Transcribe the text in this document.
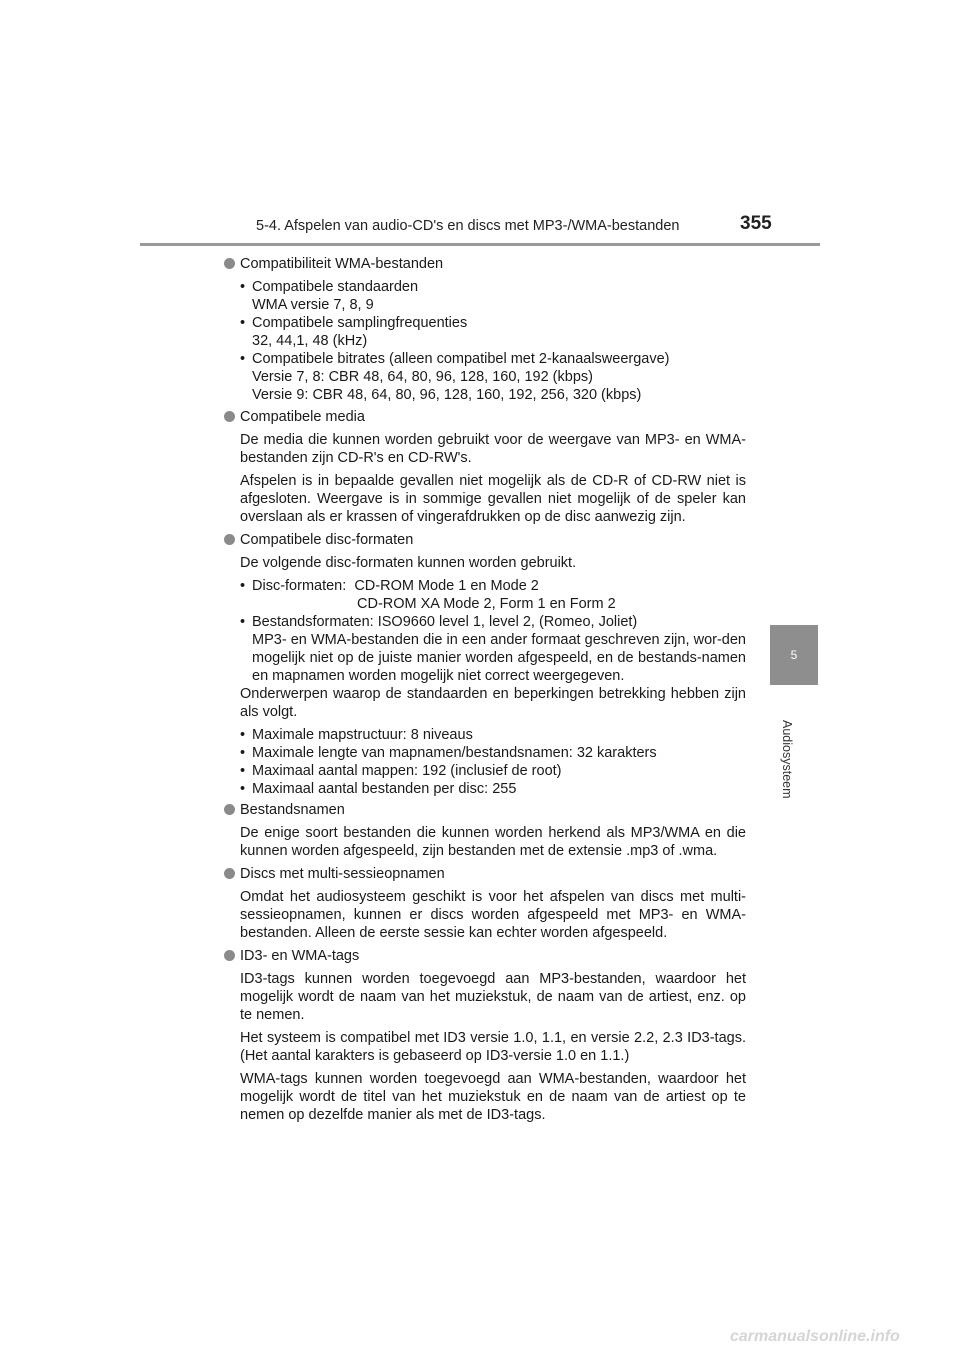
5-4. Afspelen van audio-CD's en discs met MP3-/WMA-bestanden	355
5
Audiosysteem
Compatibiliteit WMA-bestanden
• Compatibele standaarden
WMA versie 7, 8, 9
• Compatibele samplingfrequenties
32, 44,1, 48 (kHz)
• Compatibele bitrates (alleen compatibel met 2-kanaalsweergave)
Versie 7, 8: CBR 48, 64, 80, 96, 128, 160, 192 (kbps)
Versie 9: CBR 48, 64, 80, 96, 128, 160, 192, 256, 320 (kbps)
Compatibele media

De media die kunnen worden gebruikt voor de weergave van MP3- en WMA-bestanden zijn CD-R's en CD-RW's.

Afspelen is in bepaalde gevallen niet mogelijk als de CD-R of CD-RW niet is afgesloten. Weergave is in sommige gevallen niet mogelijk of de speler kan overslaan als er krassen of vingerafdrukken op de disc aanwezig zijn.

Compatibele disc-formaten

De volgende disc-formaten kunnen worden gebruikt.

• Disc-formaten:  CD-ROM Mode 1 en Mode 2
CD-ROM XA Mode 2, Form 1 en Form 2
• Bestandsformaten: ISO9660 level 1, level 2, (Romeo, Joliet)
MP3- en WMA-bestanden die in een ander formaat geschreven zijn, wor-den mogelijk niet op de juiste manier worden afgespeeld, en de bestands-namen en mapnamen worden mogelijk niet correct weergegeven.

Onderwerpen waarop de standaarden en beperkingen betrekking hebben zijn als volgt.

• Maximale mapstructuur: 8 niveaus
• Maximale lengte van mapnamen/bestandsnamen: 32 karakters
• Maximaal aantal mappen: 192 (inclusief de root)
• Maximaal aantal bestanden per disc: 255
Bestandsnamen

De enige soort bestanden die kunnen worden herkend als MP3/WMA en die kunnen worden afgespeeld, zijn bestanden met de extensie .mp3 of .wma.

Discs met multi-sessieopnamen

Omdat het audiosysteem geschikt is voor het afspelen van discs met multi-sessieopnamen, kunnen er discs worden afgespeeld met MP3- en WMA-bestanden. Alleen de eerste sessie kan echter worden afgespeeld.

ID3- en WMA-tags

ID3-tags kunnen worden toegevoegd aan MP3-bestanden, waardoor het mogelijk wordt de naam van het muziekstuk, de naam van de artiest, enz. op te nemen.

Het systeem is compatibel met ID3 versie 1.0, 1.1, en versie 2.2, 2.3 ID3-tags. (Het aantal karakters is gebaseerd op ID3-versie 1.0 en 1.1.)

WMA-tags kunnen worden toegevoegd aan WMA-bestanden, waardoor het mogelijk wordt de titel van het muziekstuk en de naam van de artiest op te nemen op dezelfde manier als met de ID3-tags.

carmanualsonline.info
